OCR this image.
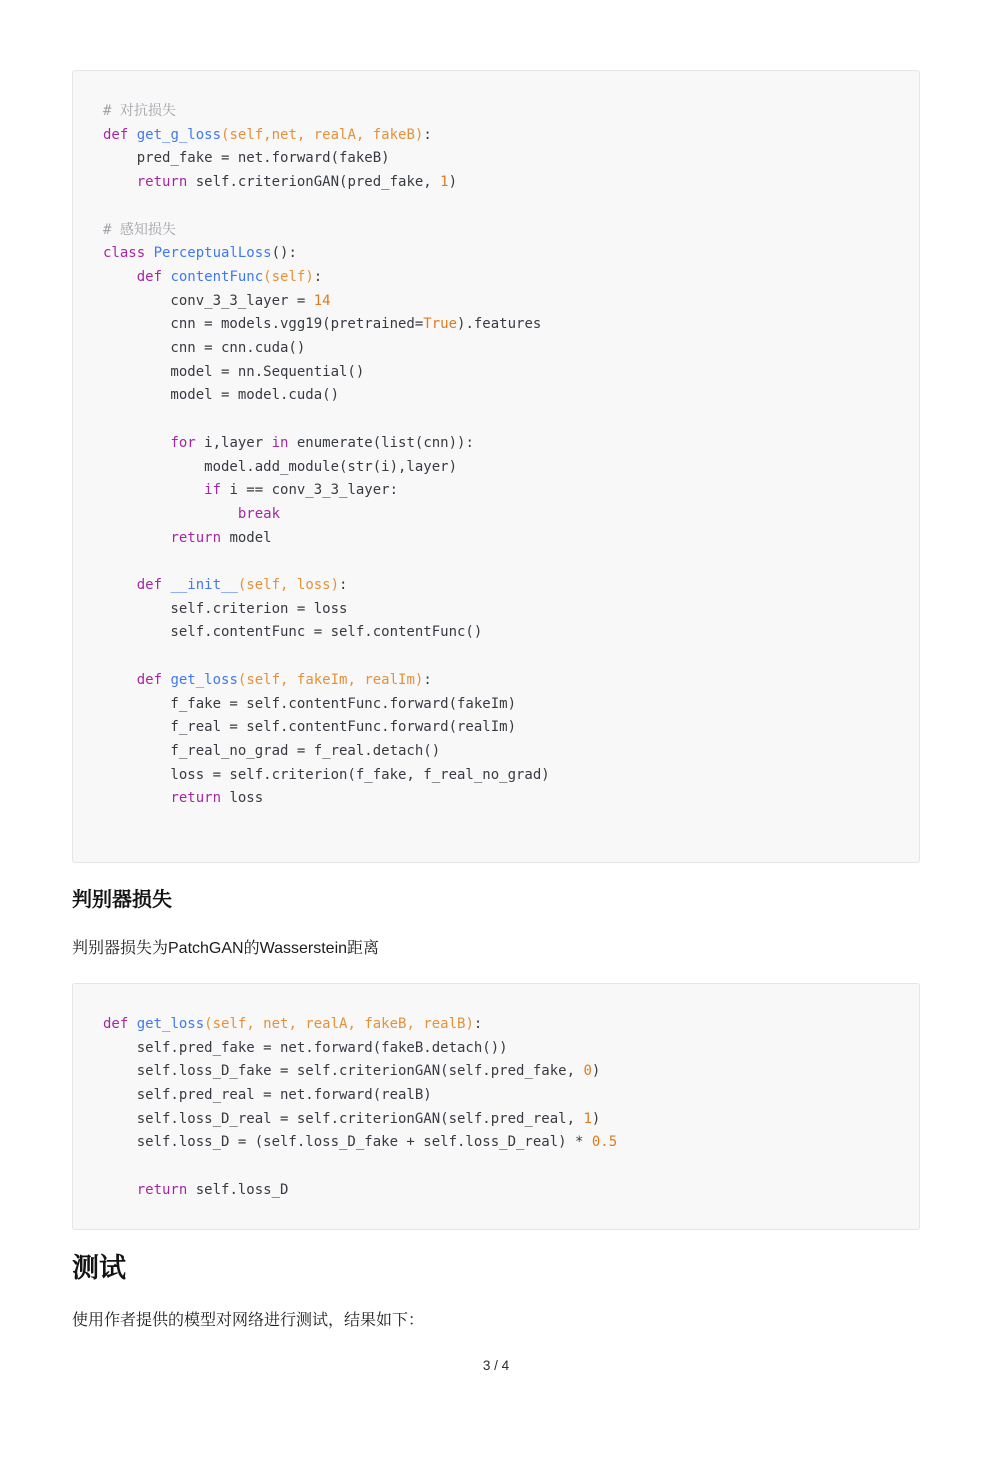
# 对抗损失
def get_g_loss(self,net, realA, fakeB):
pred_fake = net.forward(fakeB)
return self.criterionGAN(pred_fake, 1)

# 感知损失
class PerceptualLoss():
def contentFunc(self):
conv_3_3_layer = 14
cnn = models.vgg19(pretrained=True).features
cnn = cnn.cuda()
model = nn.Sequential()
model = model.cuda()

for i,layer in enumerate(list(cnn)):
model.add_module(str(i),layer)
if i == conv_3_3_layer:
break
return model

def __init__(self, loss):
self.criterion = loss
self.contentFunc = self.contentFunc()

def get_loss(self, fakeIm, realIm):
f_fake = self.contentFunc.forward(fakeIm)
f_real = self.contentFunc.forward(realIm)
f_real_no_grad = f_real.detach()
loss = self.criterion(f_fake, f_real_no_grad)
return loss

判别器损失

判别器损失为PatchGAN的Wasserstein距离

def get_loss(self, net, realA, fakeB, realB):
self.pred_fake = net.forward(fakeB.detach())
self.loss_D_fake = self.criterionGAN(self.pred_fake, 0)
self.pred_real = net.forward(realB)
self.loss_D_real = self.criterionGAN(self.pred_real, 1)
self.loss_D = (self.loss_D_fake + self.loss_D_real) * 0.5

return self.loss_D

测试

使用作者提供的模型对网络进行测试，结果如下：

3 / 4
